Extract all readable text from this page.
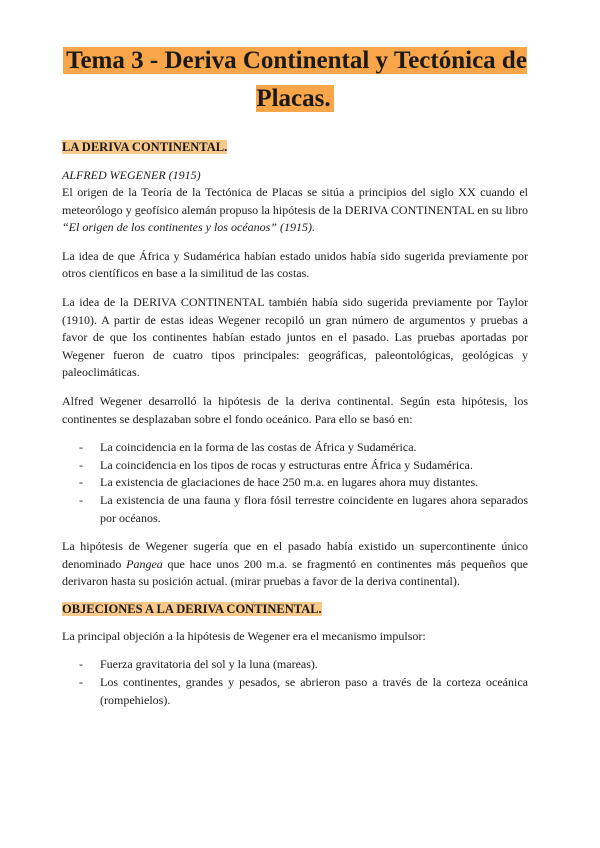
Tema 3 - Deriva Continental y Tectónica de Placas.
LA DERIVA CONTINENTAL.

ALFRED WEGENER (1915)

El origen de la Teoría de la Tectónica de Placas se sitúa a principios del siglo XX cuando el meteorólogo y geofísico alemán propuso la hipótesis de la DERIVA CONTINENTAL en su libro “El origen de los continentes y los océanos” (1915).

La idea de que África y Sudamérica habían estado unidos había sido sugerida previamente por otros científicos en base a la similitud de las costas.

La idea de la DERIVA CONTINENTAL también había sido sugerida previamente por Taylor (1910). A partir de estas ideas Wegener recopiló un gran número de argumentos y pruebas a favor de que los continentes habían estado juntos en el pasado. Las pruebas aportadas por Wegener fueron de cuatro tipos principales: geográficas, paleontológicas, geológicas y paleoclimáticas.

Alfred Wegener desarrolló la hipótesis de la deriva continental. Según esta hipótesis, los continentes se desplazaban sobre el fondo oceánico. Para ello se basó en:

- La coincidencia en la forma de las costas de África y Sudamérica.
- La coincidencia en los tipos de rocas y estructuras entre África y Sudamérica.
- La existencia de glaciaciones de hace 250 m.a. en lugares ahora muy distantes.
- La existencia de una fauna y flora fósil terrestre coincidente en lugares ahora separados por océanos.

La hipótesis de Wegener sugería que en el pasado había existido un supercontinente único denominado Pangea que hace unos 200 m.a. se fragmentó en continentes más pequeños que derivaron hasta su posición actual. (mirar pruebas a favor de la deriva continental).

OBJECIONES A LA DERIVA CONTINENTAL.

La principal objeción a la hipótesis de Wegener era el mecanismo impulsor:

- Fuerza gravitatoria del sol y la luna (mareas).
- Los continentes, grandes y pesados, se abrieron paso a través de la corteza oceánica (rompehielos).
